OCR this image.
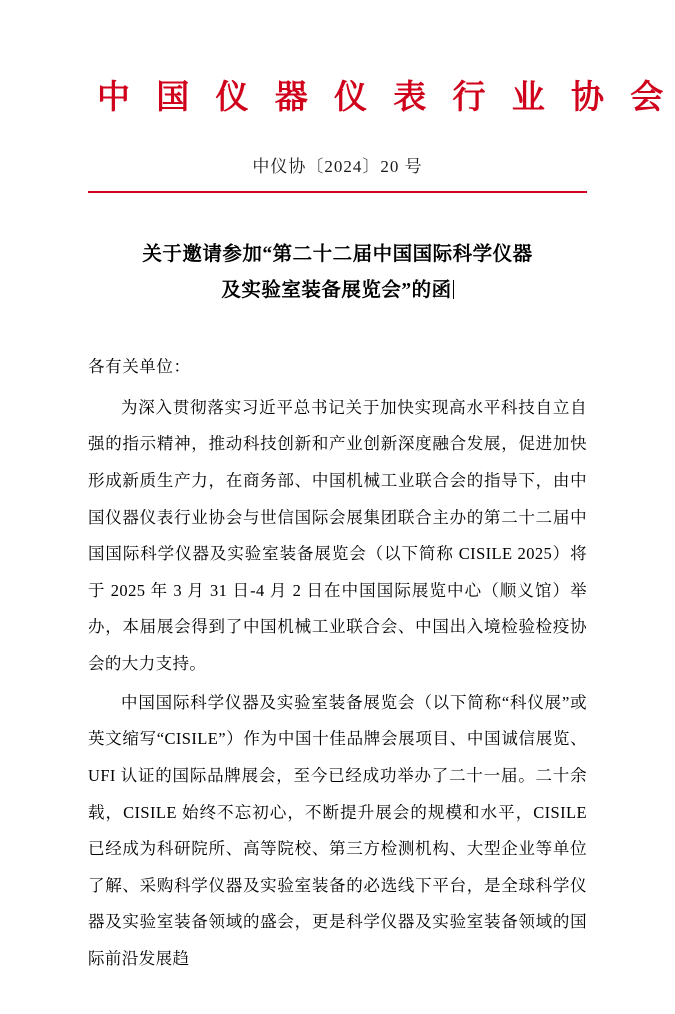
中 国 仪 器 仪 表 行 业 协 会
中仪协〔2024〕20 号
关于邀请参加“第二十二届中国国际科学仪器
及实验室装备展览会”的函
各有关单位：

为深入贯彻落实习近平总书记关于加快实现高水平科技自立自强的指示精神，推动科技创新和产业创新深度融合发展，促进加快形成新质生产力，在商务部、中国机械工业联合会的指导下，由中国仪器仪表行业协会与世信国际会展集团联合主办的第二十二届中国国际科学仪器及实验室装备展览会（以下简称 CISILE 2025）将于 2025 年 3 月 31 日-4 月 2 日在中国国际展览中心（顺义馆）举办，本届展会得到了中国机械工业联合会、中国出入境检验检疫协会的大力支持。

中国国际科学仪器及实验室装备展览会（以下简称“科仪展”或英文缩写“CISILE”）作为中国十佳品牌会展项目、中国诚信展览、UFI 认证的国际品牌展会，至今已经成功举办了二十一届。二十余载，CISILE 始终不忘初心，不断提升展会的规模和水平，CISILE 已经成为科研院所、高等院校、第三方检测机构、大型企业等单位了解、采购科学仪器及实验室装备的必选线下平台，是全球科学仪器及实验室装备领域的盛会，更是科学仪器及实验室装备领域的国际前沿发展趋
